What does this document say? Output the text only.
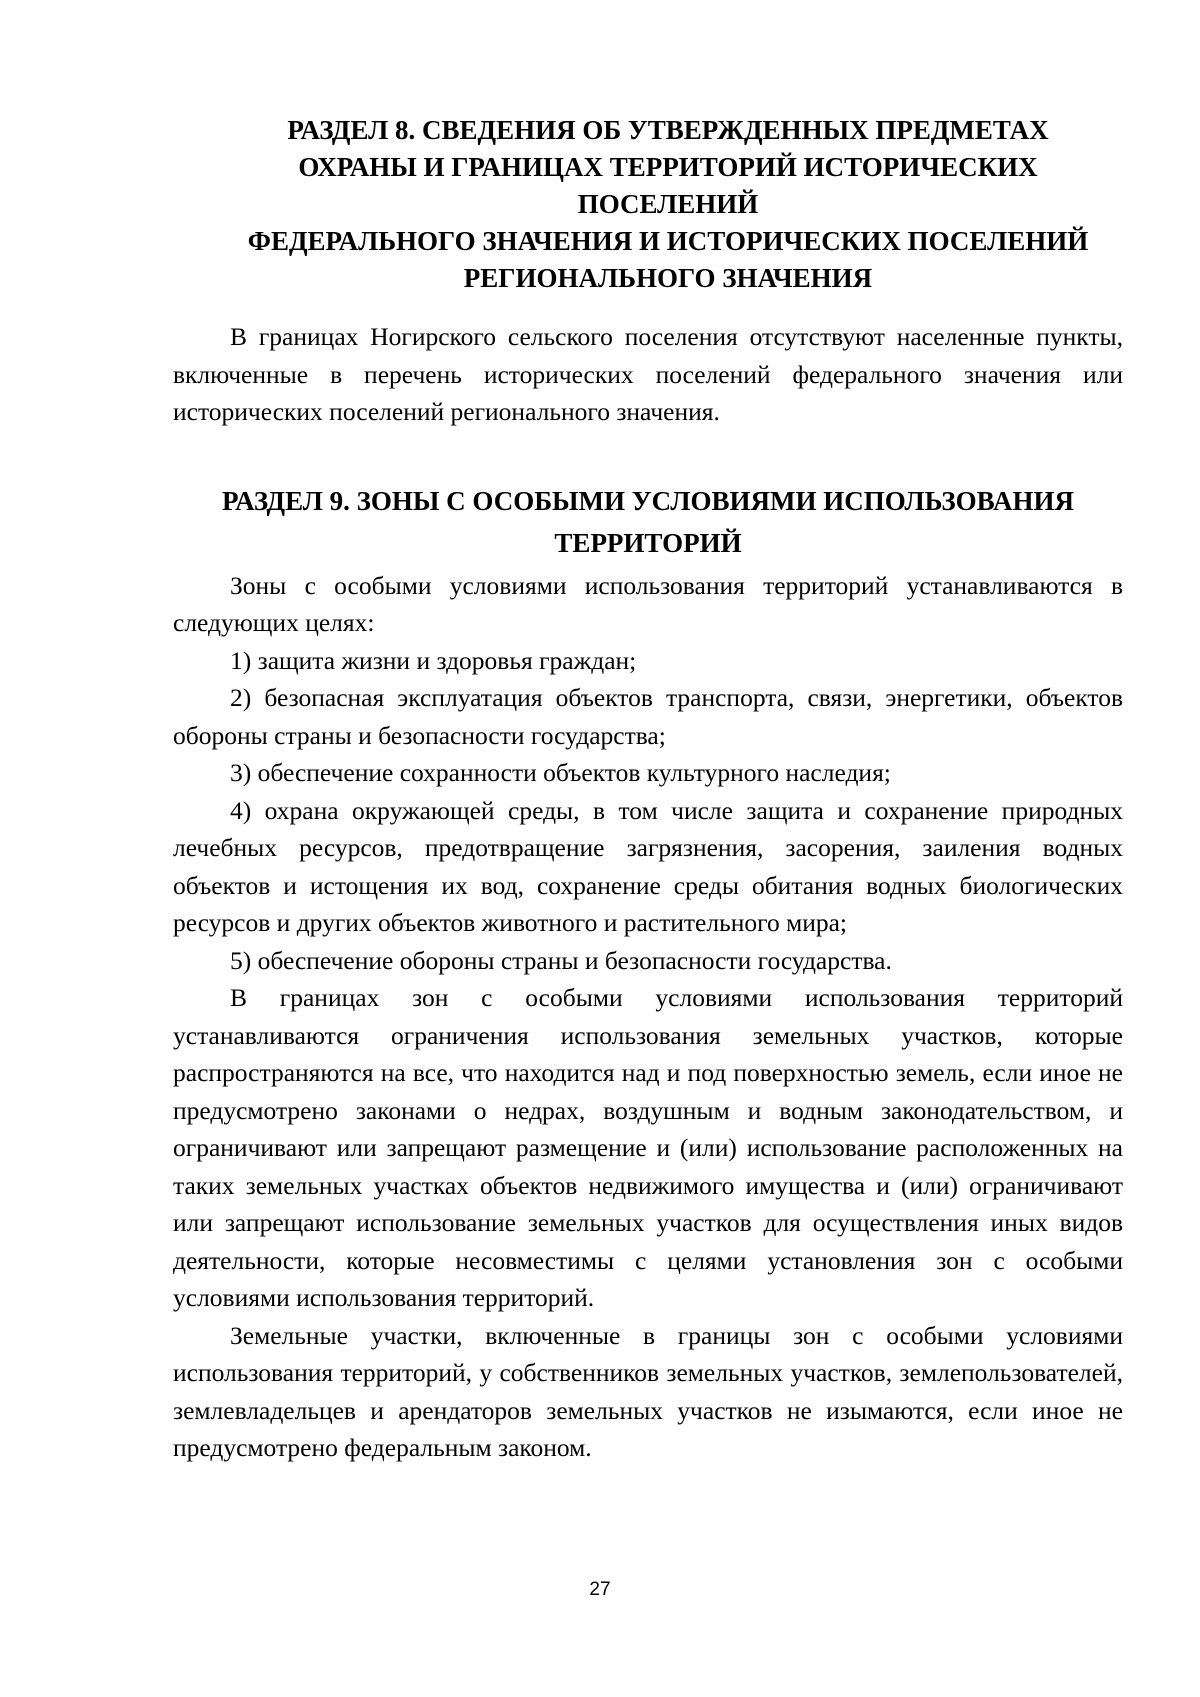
РАЗДЕЛ 8. СВЕДЕНИЯ ОБ УТВЕРЖДЕННЫХ ПРЕДМЕТАХ
ОХРАНЫ И ГРАНИЦАХ ТЕРРИТОРИЙ ИСТОРИЧЕСКИХ ПОСЕЛЕНИЙ
ФЕДЕРАЛЬНОГО ЗНАЧЕНИЯ И ИСТОРИЧЕСКИХ ПОСЕЛЕНИЙ
РЕГИОНАЛЬНОГО ЗНАЧЕНИЯ

В границах Ногирского сельского поселения отсутствуют населенные пункты, включенные в перечень исторических поселений федерального значения или исторических поселений регионального значения.

РАЗДЕЛ 9. ЗОНЫ С ОСОБЫМИ УСЛОВИЯМИ ИСПОЛЬЗОВАНИЯ
ТЕРРИТОРИЙ

Зоны с особыми условиями использования территорий устанавливаются в следующих целях:

1) защита жизни и здоровья граждан;

2) безопасная эксплуатация объектов транспорта, связи, энергетики, объектов обороны страны и безопасности государства;

3) обеспечение сохранности объектов культурного наследия;

4) охрана окружающей среды, в том числе защита и сохранение природных лечебных ресурсов, предотвращение загрязнения, засорения, заиления водных объектов и истощения их вод, сохранение среды обитания водных биологических ресурсов и других объектов животного и растительного мира;

5) обеспечение обороны страны и безопасности государства.

В границах зон с особыми условиями использования территорий устанавливаются ограничения использования земельных участков, которые распространяются на все, что находится над и под поверхностью земель, если иное не предусмотрено законами о недрах, воздушным и водным законодательством, и ограничивают или запрещают размещение и (или) использование расположенных на таких земельных участках объектов недвижимого имущества и (или) ограничивают или запрещают использование земельных участков для осуществления иных видов деятельности, которые несовместимы с целями установления зон с особыми условиями использования территорий.

Земельные участки, включенные в границы зон с особыми условиями использования территорий, у собственников земельных участков, землепользователей, землевладельцев и арендаторов земельных участков не изымаются, если иное не предусмотрено федеральным законом.

27
